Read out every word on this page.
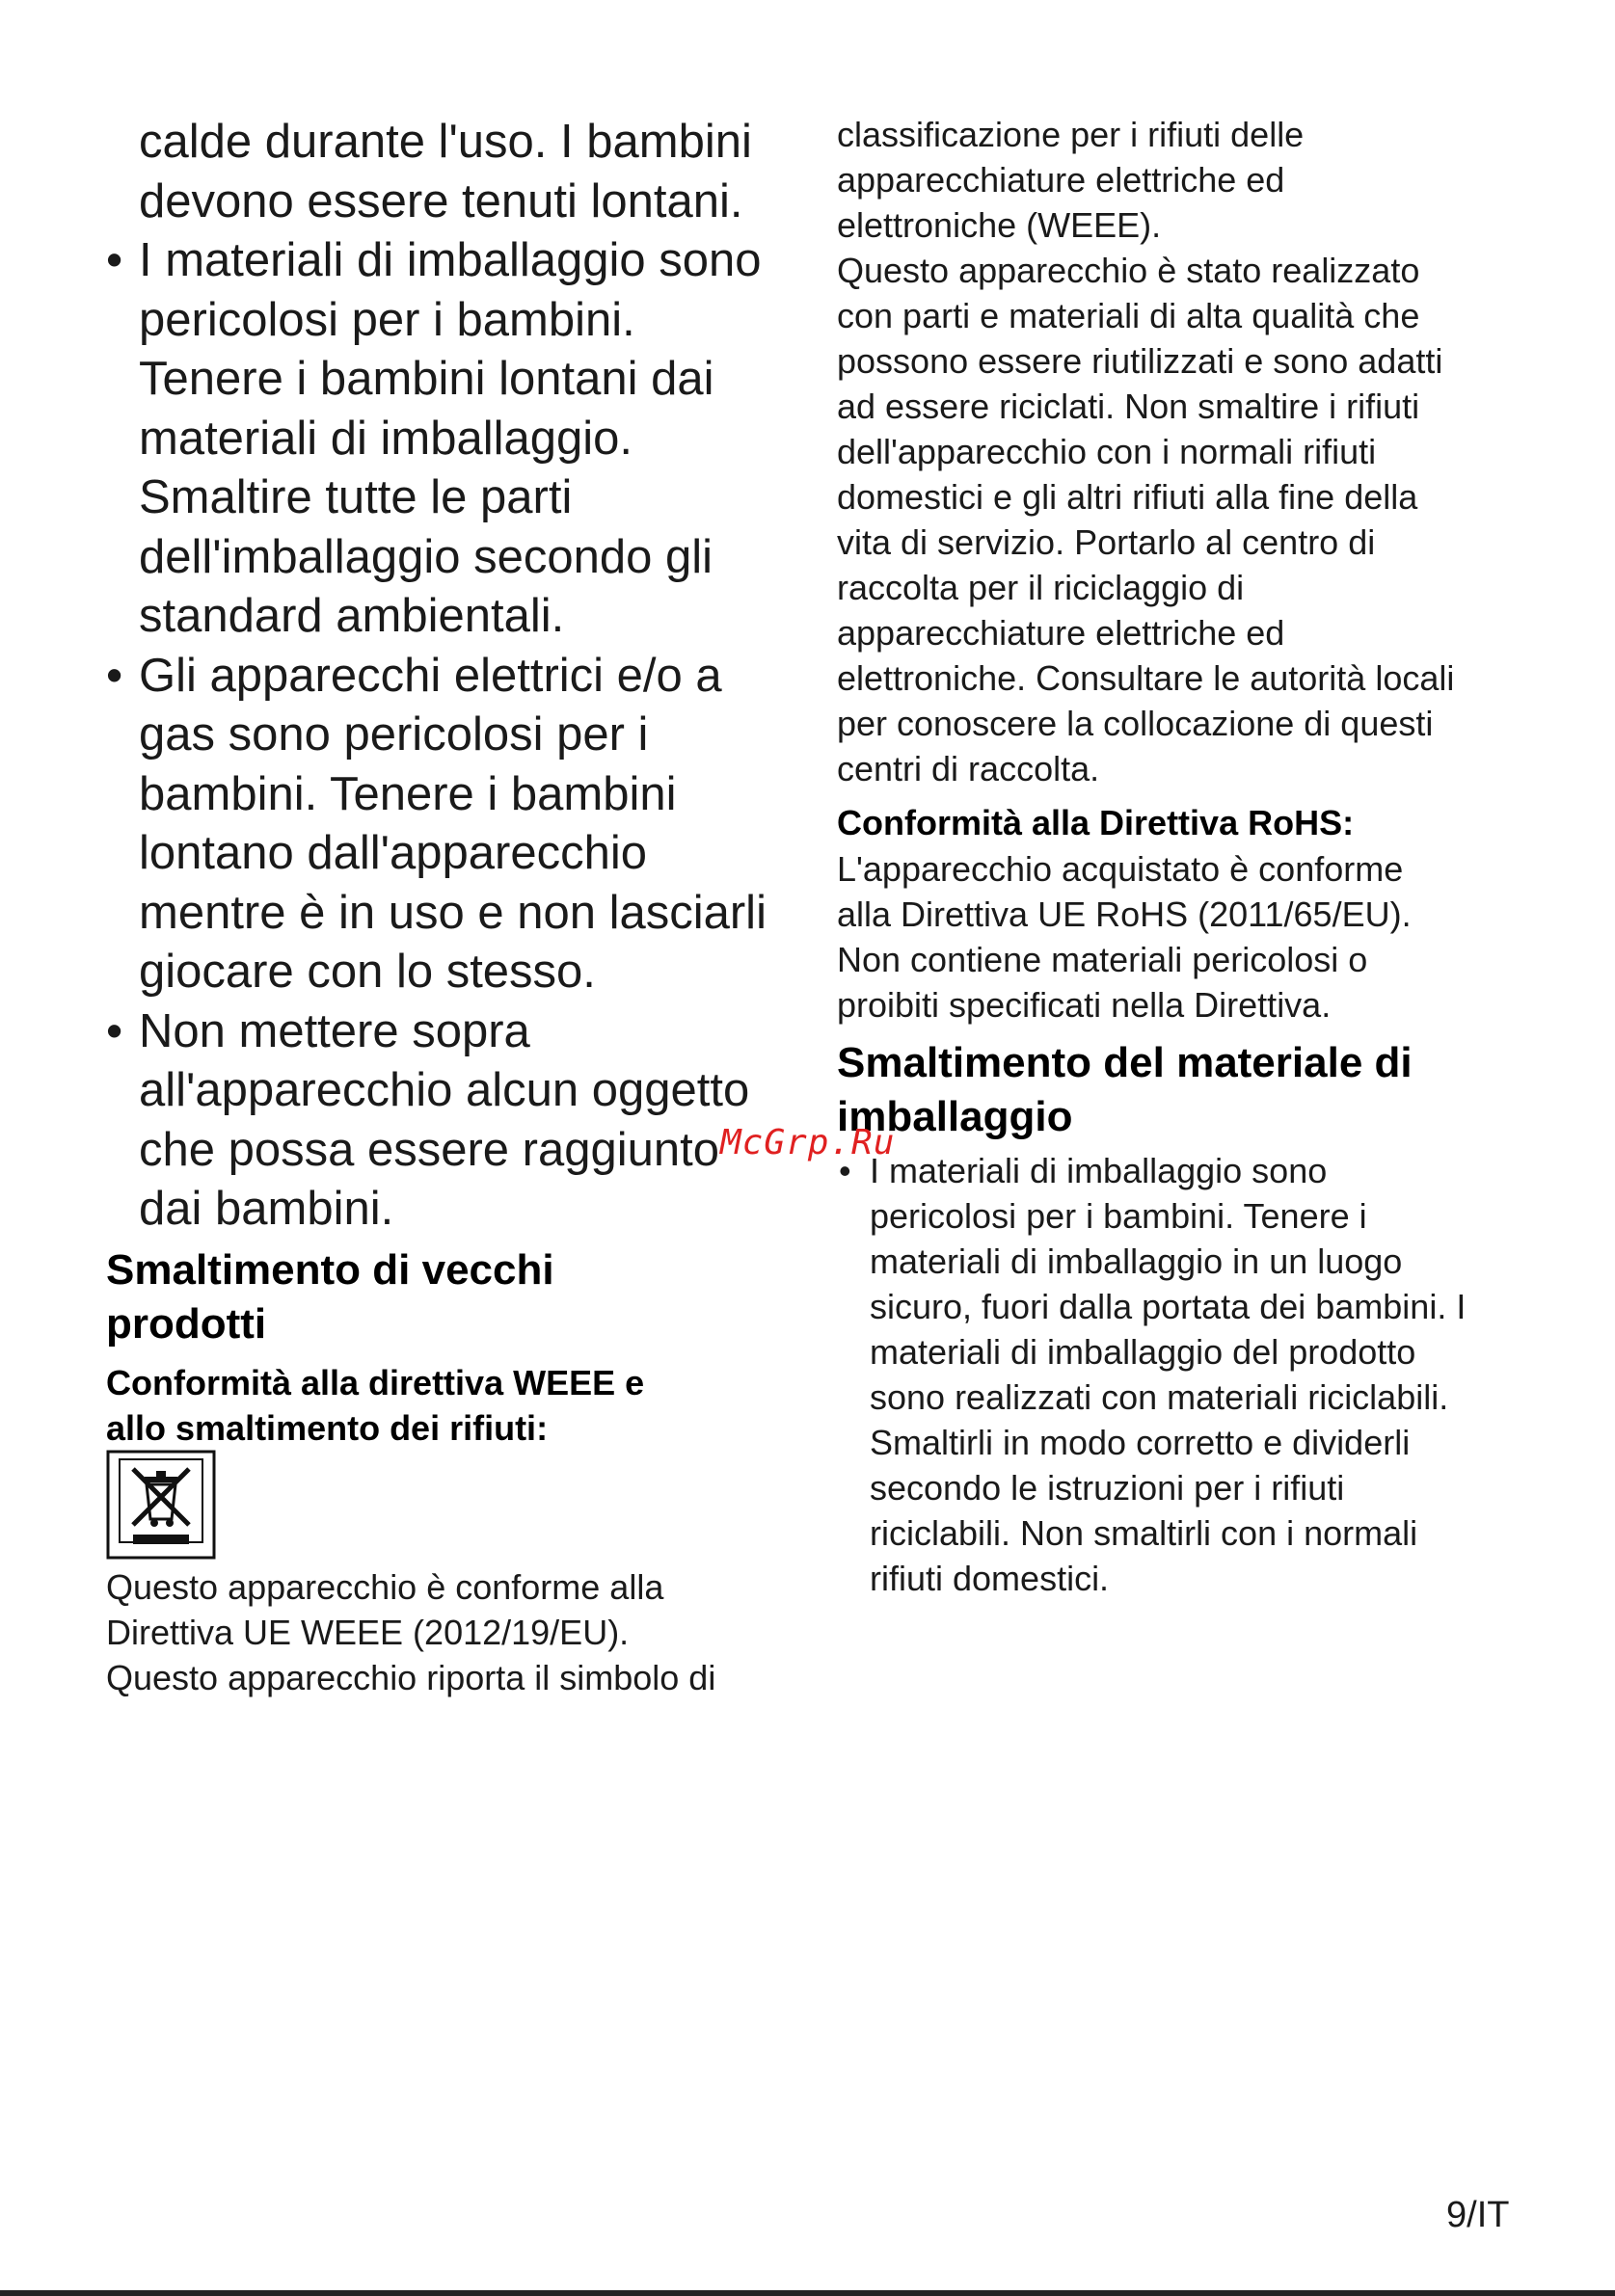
calde durante l'uso. I bambini
devono essere tenuti lontani.
• I materiali di imballaggio sono
pericolosi per i bambini.
Tenere i bambini lontani dai
materiali di imballaggio.
Smaltire tutte le parti
dell'imballaggio secondo gli
standard ambientali.
• Gli apparecchi elettrici e/o a
gas sono pericolosi per i
bambini. Tenere i bambini
lontano dall'apparecchio
mentre è in uso e non lasciarli
giocare con lo stesso.
• Non mettere sopra
all'apparecchio alcun oggetto
che possa essere raggiunto
dai bambini.
Smaltimento di vecchi
prodotti
Conformità alla direttiva WEEE e
allo smaltimento dei rifiuti:
Questo apparecchio è conforme alla
Direttiva UE WEEE (2012/19/EU).
Questo apparecchio riporta il simbolo di
classificazione per i rifiuti delle
apparecchiature elettriche ed
elettroniche (WEEE).
Questo apparecchio è stato realizzato
con parti e materiali di alta qualità che
possono essere riutilizzati e sono adatti
ad essere riciclati. Non smaltire i rifiuti
dell'apparecchio con i normali rifiuti
domestici e gli altri rifiuti alla fine della
vita di servizio. Portarlo al centro di
raccolta per il riciclaggio di
apparecchiature elettriche ed
elettroniche. Consultare le autorità locali
per conoscere la collocazione di questi
centri di raccolta.
Conformità alla Direttiva RoHS:
L'apparecchio acquistato è conforme
alla Direttiva UE RoHS (2011/65/EU).
Non contiene materiali pericolosi o
proibiti specificati nella Direttiva.
Smaltimento del materiale di
imballaggio
• I materiali di imballaggio sono
pericolosi per i bambini. Tenere i
materiali di imballaggio in un luogo
sicuro, fuori dalla portata dei bambini. I
materiali di imballaggio del prodotto
sono realizzati con materiali riciclabili.
Smaltirli in modo corretto e dividerli
secondo le istruzioni per i rifiuti
riciclabili. Non smaltirli con i normali
rifiuti domestici.
McGrp.Ru
9/IT
